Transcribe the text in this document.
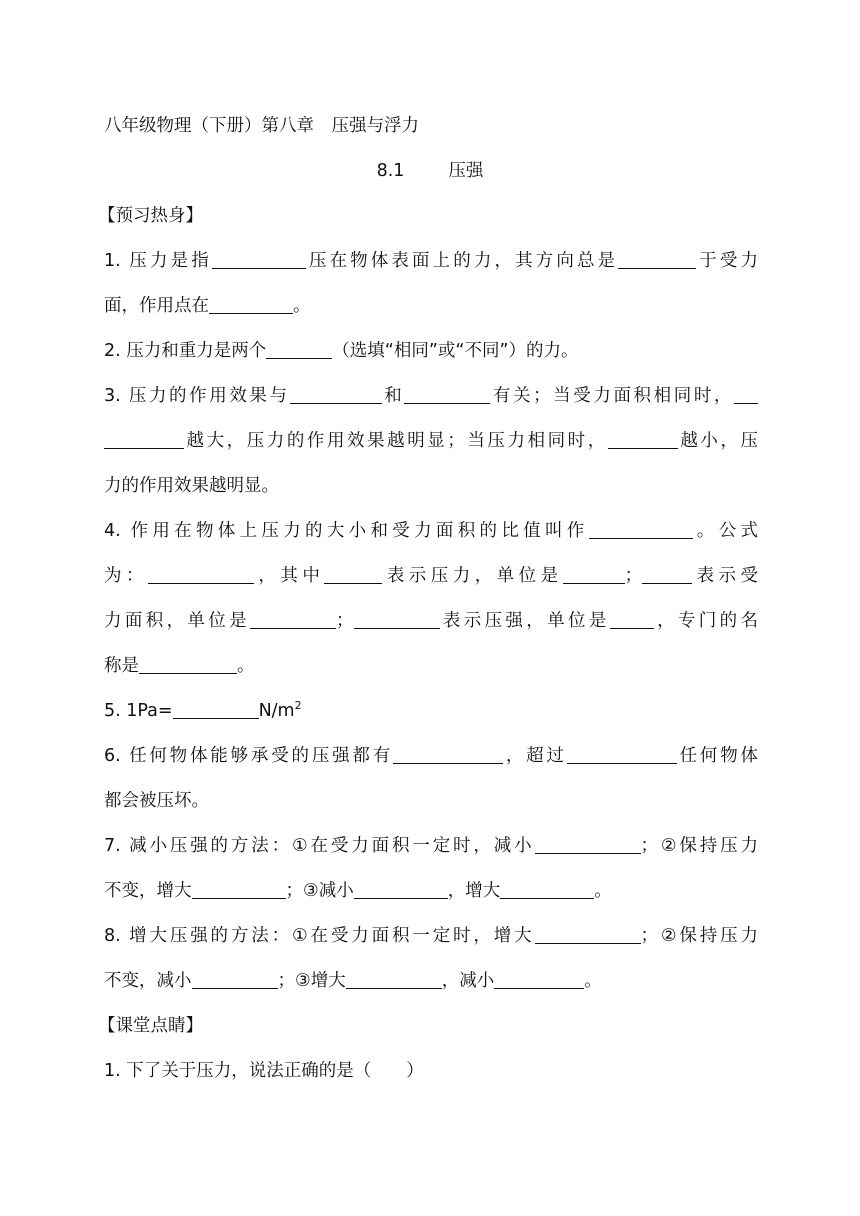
八年级物理（下册）第八章　压强与浮力
8.1	压强
【预习热身】
1. 压力是指	压在物体表面上的力，其方向总是	于受力
面，作用点在	。
2. 压力和重力是两个	（选填“相同”或“不同”）的力。
3. 压力的作用效果与	和	有关；当受力面积相同时，
越大，压力的作用效果越明显；当压力相同时，	越小，压
力的作用效果越明显。
4. 作用在物体上压力的大小和受力面积的比值叫作	。公式
为：	，其中	表示压力，单位是	；	表示受
力面积，单位是	；	表示压强，单位是	，专门的名
称是	。
5. 1Pa=	$N/m^2$
6. 任何物体能够承受的压强都有	，超过	任何物体
都会被压坏。
7. 减小压强的方法：①在受力面积一定时，减小	；②保持压力
不变，增大	；③减小	，增大	。
8. 增大压强的方法：①在受力面积一定时，增大	；②保持压力
不变，减小	；③增大	，减小	。
【课堂点睛】
1. 下了关于压力，说法正确的是（　　）
